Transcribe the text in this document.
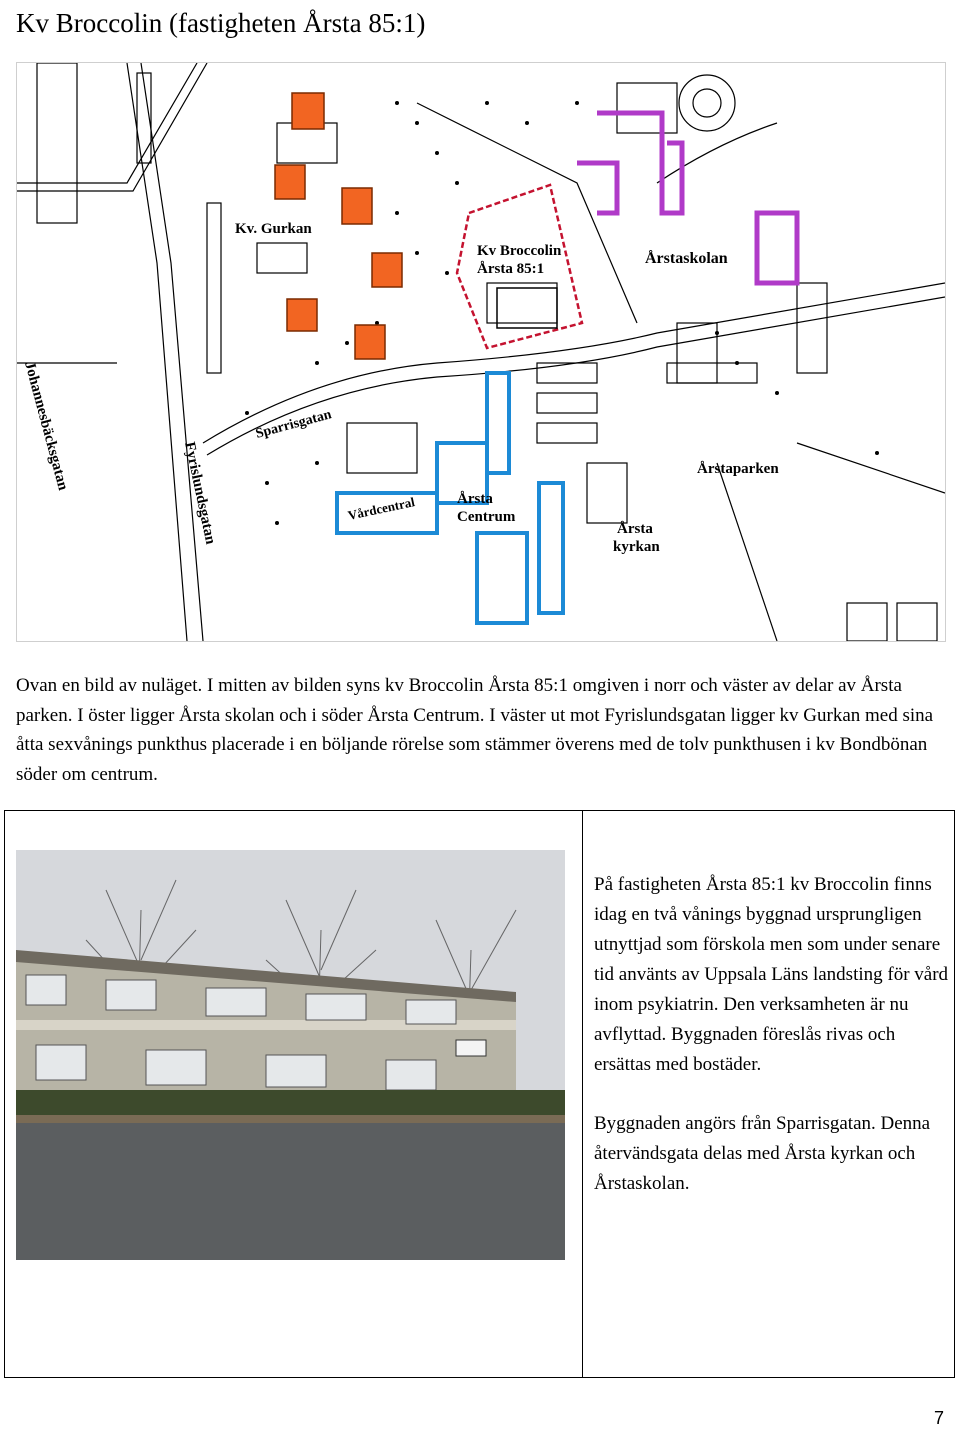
Kv Broccolin (fastigheten Årsta 85:1)
Kv. Gurkan
Kv Broccolin
Årsta 85:1
Årstaskolan
Johannesbäcksgatan	Sparrisgatan
Fyrislundsgatan	Vårdcentral	Årsta
Centrum
Årstaparken
Årsta
kyrkan

Ovan en bild av nuläget. I mitten av bilden syns kv Broccolin Årsta 85:1 omgiven i norr och väster av delar av Årsta parken. I öster ligger Årsta skolan och i söder Årsta Centrum. I väster ut mot Fyrislundsgatan ligger kv Gurkan med sina åtta sexvånings punkthus placerade i en böljande rörelse som stämmer överens med de tolv punkthusen i kv Bondbönan söder om centrum.

På fastigheten Årsta 85:1 kv Broccolin finns idag en två vånings byggnad ursprungligen utnyttjad som förskola men som under senare tid använts av Uppsala Läns landsting för vård inom psykiatrin. Den verksamheten är nu avflyttad. Byggnaden föreslås rivas och ersättas med bostäder.

Byggnaden angörs från Sparrisgatan. Denna återvändsgata delas med Årsta kyrkan och Årstaskolan.

7
